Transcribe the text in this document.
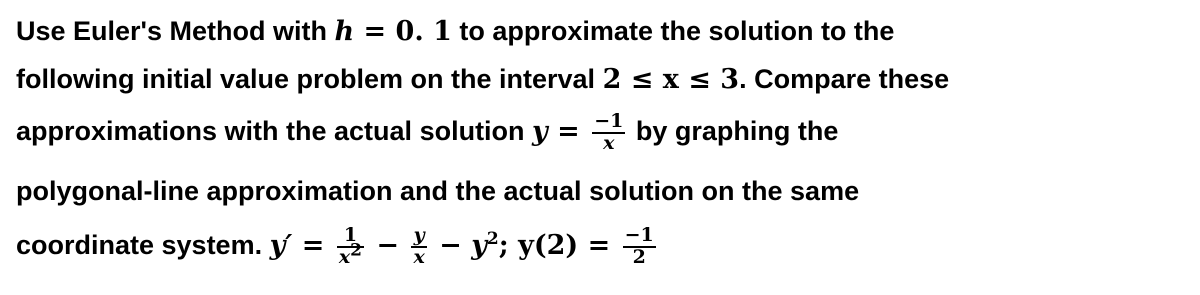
Use Euler's Method with h = 0. 1 to approximate the solution to the
following initial value problem on the interval 2 ≤ x ≤ 3. Compare these
approximations with the actual solution $y = \frac{-1}{x}$ by graphing the
polygonal-line approximation and the actual solution on the same
coordinate system. $y' = \frac{1}{x2} - \frac{y}{x} - y^2$; $y(2) = \frac{-1}{2}$
